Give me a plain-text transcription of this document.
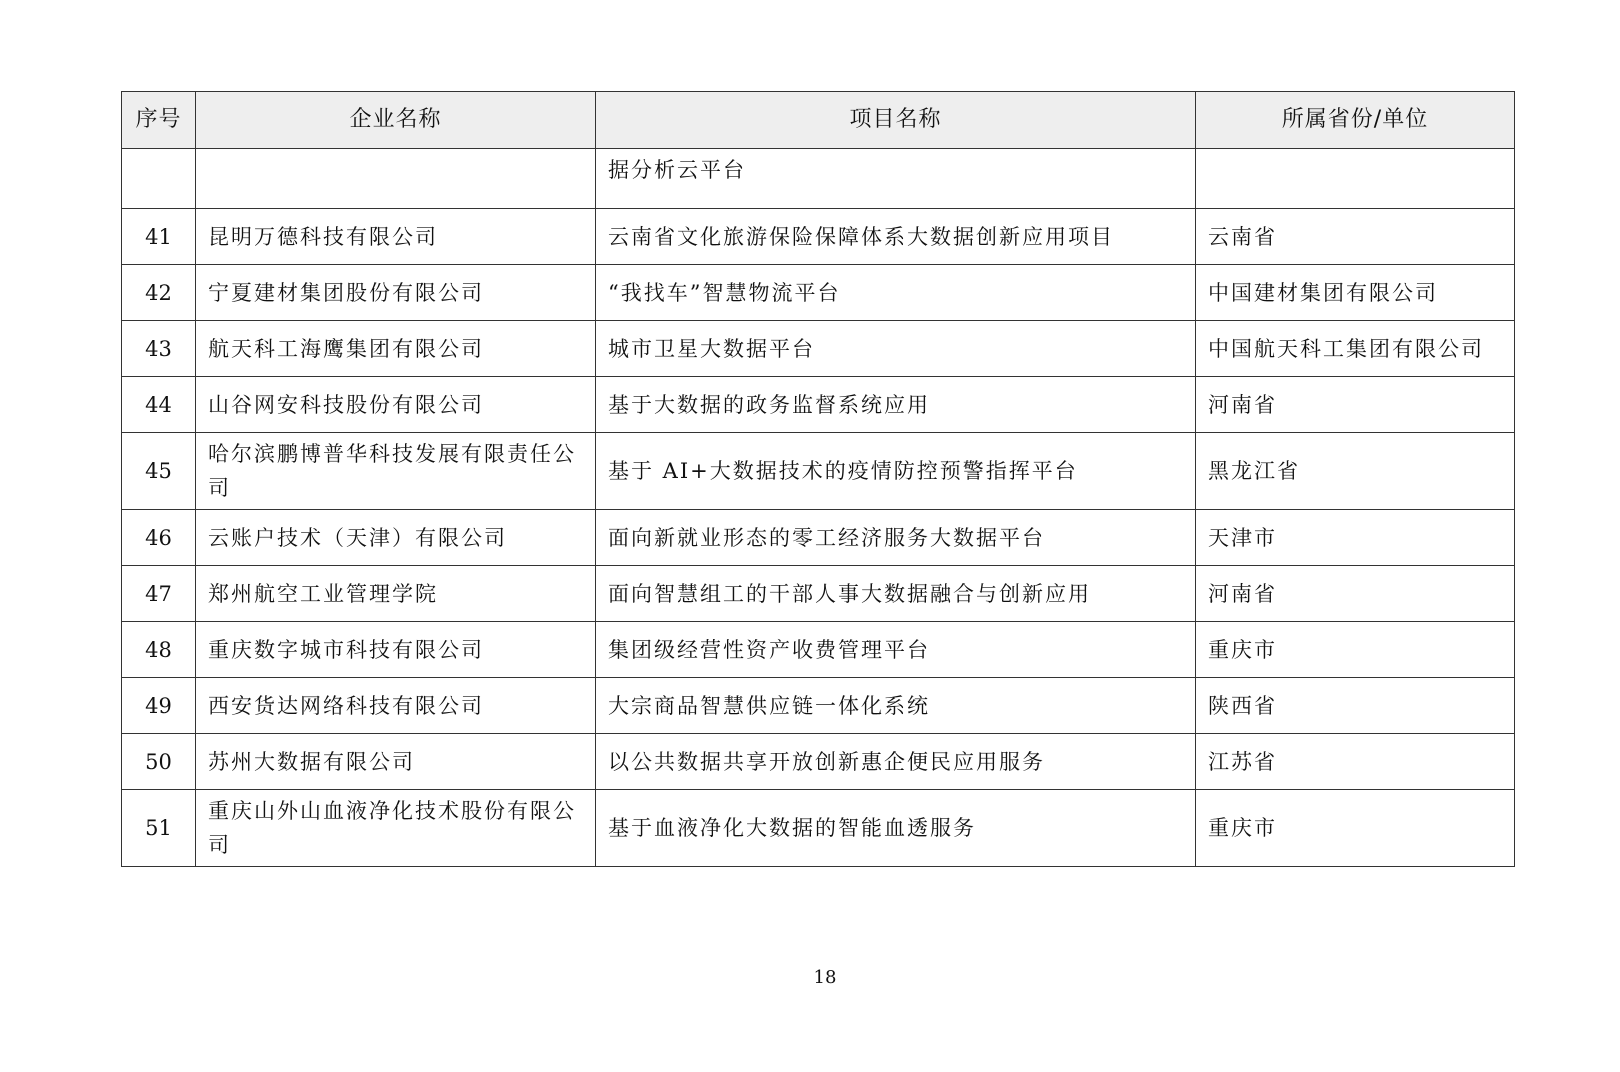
序号	企业名称	项目名称	所属省份/单位
		据分析云平台	
41	昆明万德科技有限公司	云南省文化旅游保险保障体系大数据创新应用项目	云南省
42	宁夏建材集团股份有限公司	“我找车”智慧物流平台	中国建材集团有限公司
43	航天科工海鹰集团有限公司	城市卫星大数据平台	中国航天科工集团有限公司
44	山谷网安科技股份有限公司	基于大数据的政务监督系统应用	河南省
45	哈尔滨鹏博普华科技发展有限责任公司	基于 AI+大数据技术的疫情防控预警指挥平台	黑龙江省
46	云账户技术（天津）有限公司	面向新就业形态的零工经济服务大数据平台	天津市
47	郑州航空工业管理学院	面向智慧组工的干部人事大数据融合与创新应用	河南省
48	重庆数字城市科技有限公司	集团级经营性资产收费管理平台	重庆市
49	西安货达网络科技有限公司	大宗商品智慧供应链一体化系统	陕西省
50	苏州大数据有限公司	以公共数据共享开放创新惠企便民应用服务	江苏省
51	重庆山外山血液净化技术股份有限公司	基于血液净化大数据的智能血透服务	重庆市
18
